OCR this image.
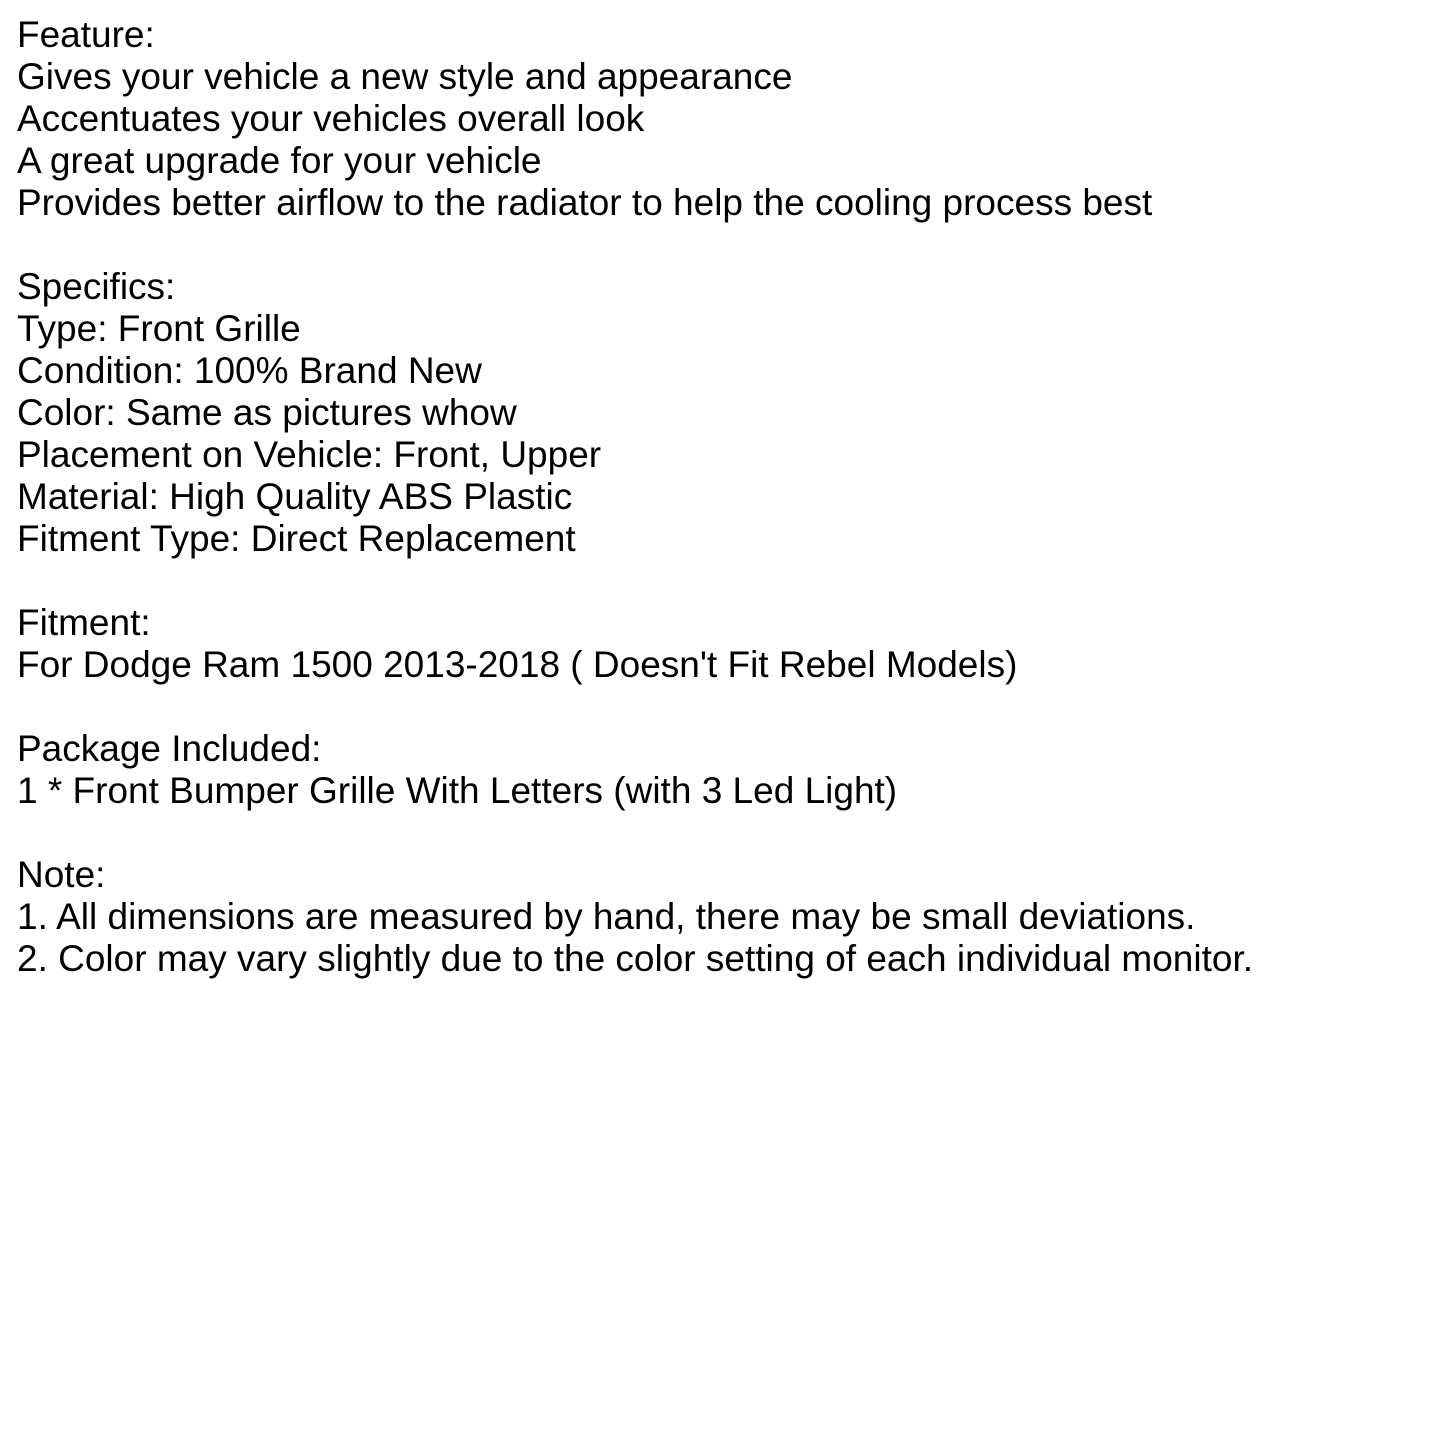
Feature:
Gives your vehicle a new style and appearance
Accentuates your vehicles overall look
A great upgrade for your vehicle
Provides better airflow to the radiator to help the cooling process best
Specifics:
Type: Front Grille
Condition: 100% Brand New
Color: Same as pictures whow
Placement on Vehicle: Front, Upper
Material: High Quality ABS Plastic
Fitment Type: Direct Replacement
Fitment:
For Dodge Ram 1500 2013-2018 ( Doesn't Fit Rebel Models)
Package Included:
1 * Front Bumper Grille With Letters (with 3 Led Light)
Note:
1. All dimensions are measured by hand, there may be small deviations.
2. Color may vary slightly due to the color setting of each individual monitor.
